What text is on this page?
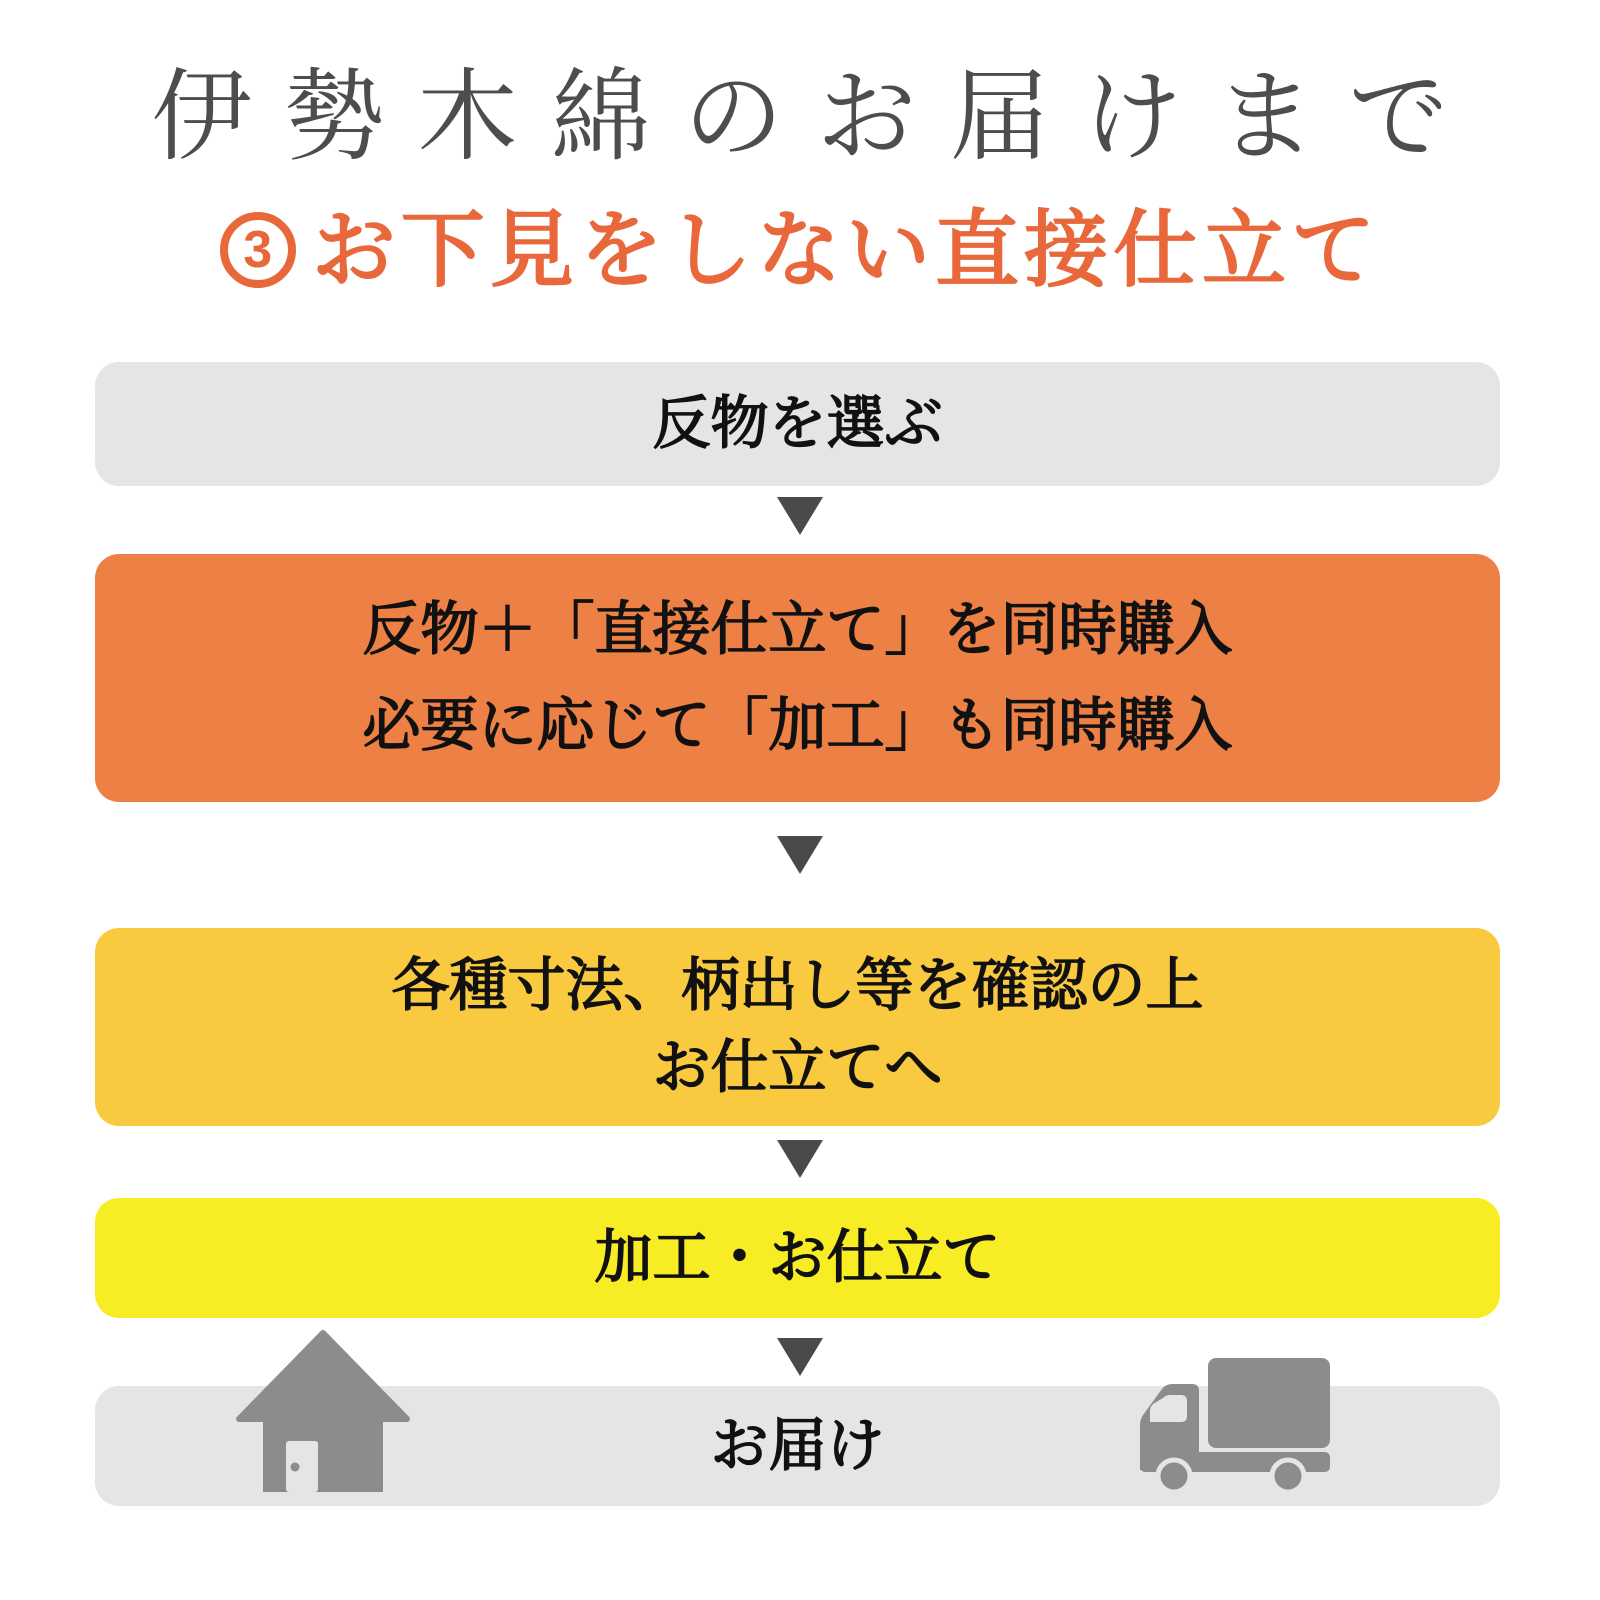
伊勢木綿のお届けまで
3 お下見をしない直接仕立て
反物を選ぶ
反物＋「直接仕立て」を同時購入
必要に応じて「加工」も同時購入
各種寸法、柄出し等を確認の上
お仕立てへ
加工・お仕立て
お届け
